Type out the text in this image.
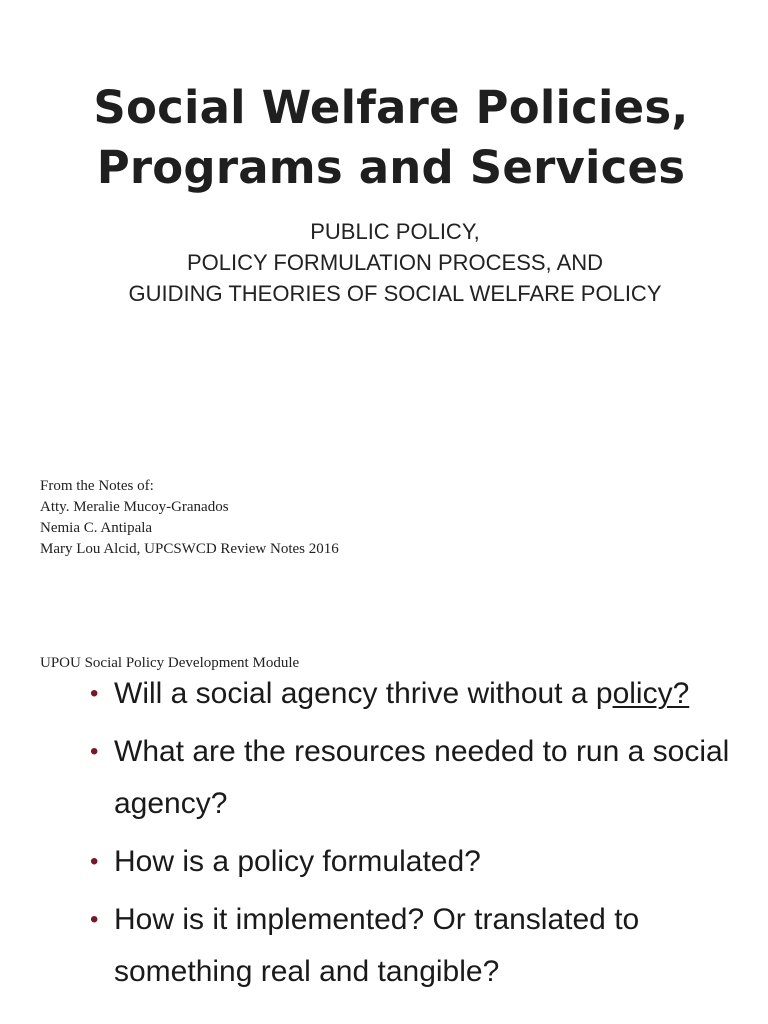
Social Welfare Policies,
Programs and Services
PUBLIC POLICY,
POLICY FORMULATION PROCESS, AND
GUIDING THEORIES OF SOCIAL WELFARE POLICY
From the Notes of:
Atty. Meralie Mucoy-Granados
Nemia C. Antipala
Mary Lou Alcid, UPCSWCD Review Notes 2016
UPOU Social Policy Development Module
• Will a social agency thrive without a policy?
• What are the resources needed to run a social agency?
• How is a policy formulated?
• How is it implemented? Or translated to something real and tangible?
